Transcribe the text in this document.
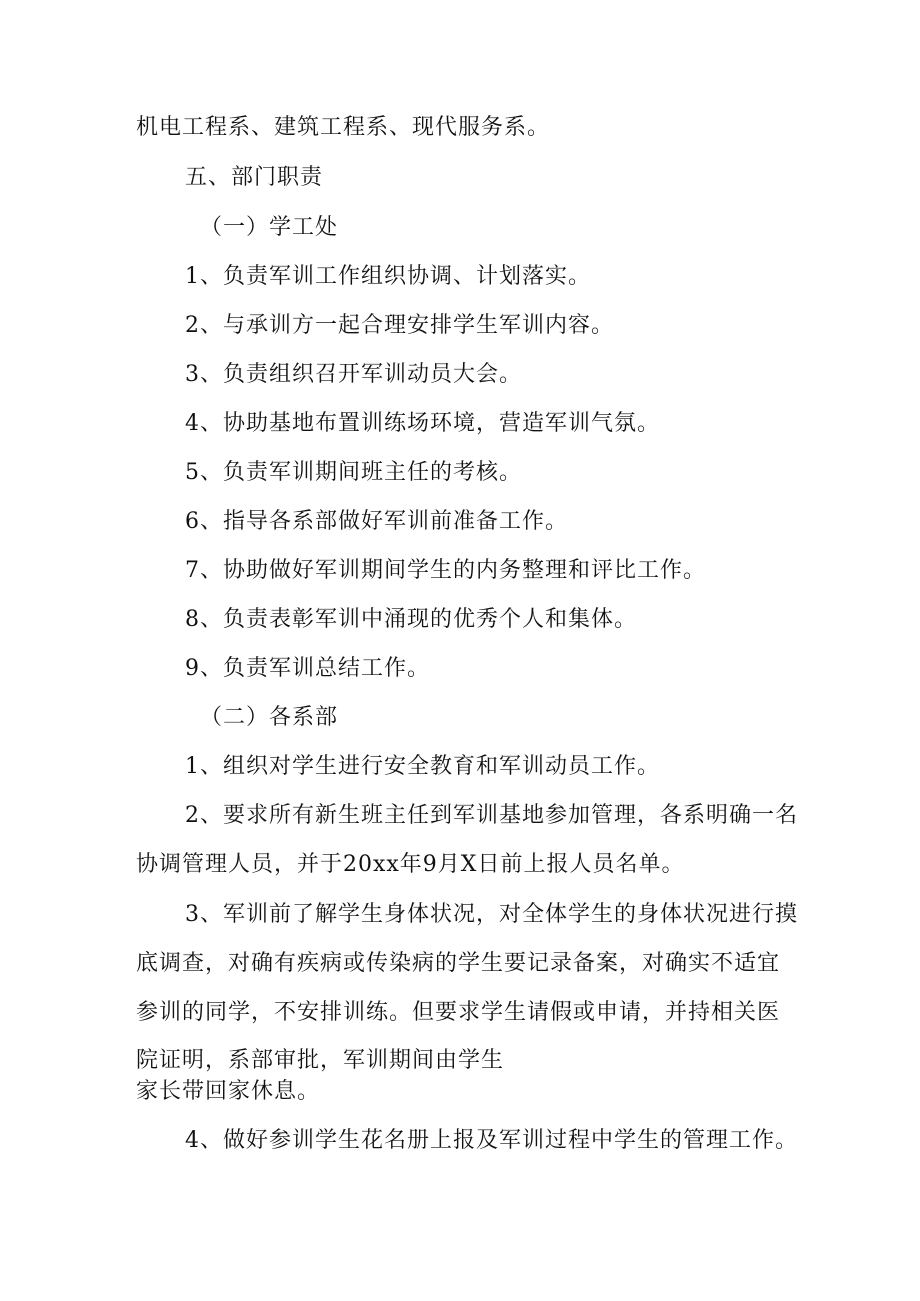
机电工程系、建筑工程系、现代服务系。
五、部门职责
（一）学工处
1、负责军训工作组织协调、计划落实。
2、与承训方一起合理安排学生军训内容。
3、负责组织召开军训动员大会。
4、协助基地布置训练场环境，营造军训气氛。
5、负责军训期间班主任的考核。
6、指导各系部做好军训前准备工作。
7、协助做好军训期间学生的内务整理和评比工作。
8、负责表彰军训中涌现的优秀个人和集体。
9、负责军训总结工作。
（二）各系部
1、组织对学生进行安全教育和军训动员工作。
2、要求所有新生班主任到军训基地参加管理，各系明确一名
协调管理人员，并于20xx年9月X日前上报人员名单。
3、军训前了解学生身体状况，对全体学生的身体状况进行摸
底调查，对确有疾病或传染病的学生要记录备案，对确实不适宜
参训的同学，不安排训练。但要求学生请假或申请，并持相关医
院证明，系部审批，军训期间由学生
家长带回家休息。
4、做好参训学生花名册上报及军训过程中学生的管理工作。
